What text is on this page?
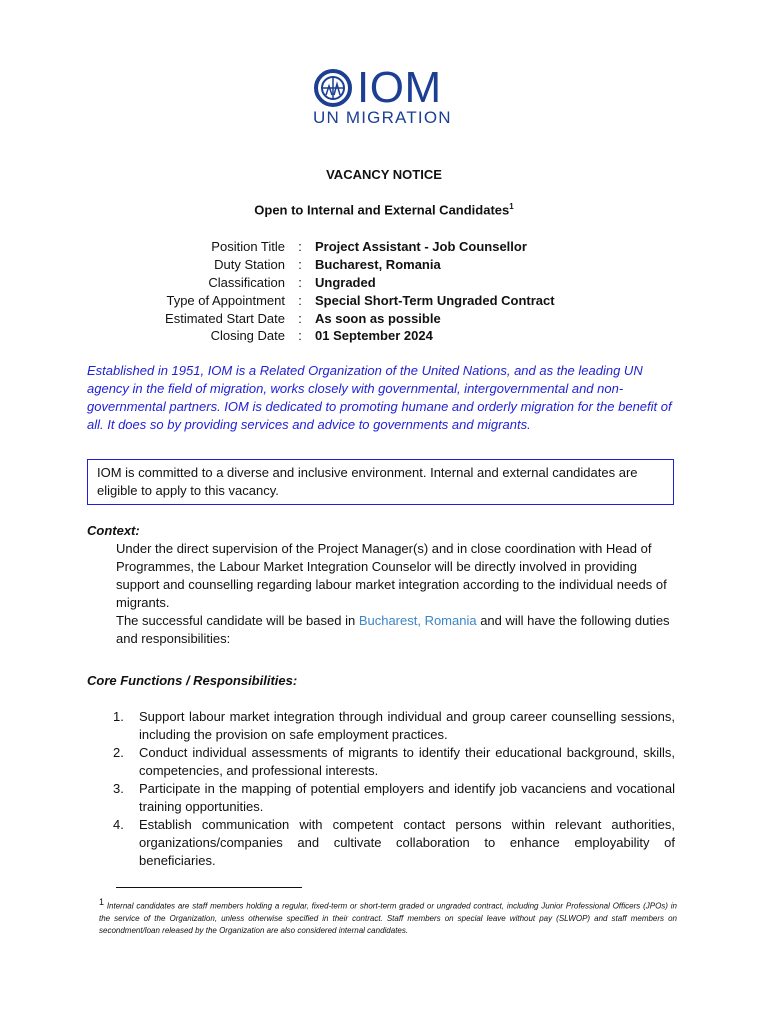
IOM
UN MIGRATION
VACANCY NOTICE
Open to Internal and External Candidates$^1$
Position Title	:	Project Assistant - Job Counsellor
Duty Station	:	Bucharest, Romania
Classification	:	Ungraded
Type of Appointment	:	Special Short-Term Ungraded Contract
Estimated Start Date	:	As soon as possible
Closing Date	:	01 September 2024
Established in 1951, IOM is a Related Organization of the United Nations, and as the leading UN agency in the field of migration, works closely with governmental, intergovernmental and non-governmental partners. IOM is dedicated to promoting humane and orderly migration for the benefit of all. It does so by providing services and advice to governments and migrants.
IOM is committed to a diverse and inclusive environment. Internal and external candidates are eligible to apply to this vacancy.
Context:

Under the direct supervision of the Project Manager(s) and in close coordination with Head of Programmes, the Labour Market Integration Counselor will be directly involved in providing support and counselling regarding labour market integration according to the individual needs of migrants.

The successful candidate will be based in Bucharest, Romania and will have the following duties and responsibilities:

Core Functions / Responsibilities:
1.	Support labour market integration through individual and group career counselling sessions, including the provision on safe employment practices.
2.	Conduct individual assessments of migrants to identify their educational background, skills, competencies, and professional interests.
3.	Participate in the mapping of potential employers and identify job vacanciens and vocational training opportunities.
4.	Establish communication with competent contact persons within relevant authorities, organizations/companies and cultivate collaboration to enhance employability of beneficiaries.
$^1$ Internal candidates are staff members holding a regular, fixed-term or short-term graded or ungraded contract, including Junior Professional Officers (JPOs) in the service of the Organization, unless otherwise specified in their contract. Staff members on special leave without pay (SLWOP) and staff members on secondment/loan released by the Organization are also considered internal candidates.
